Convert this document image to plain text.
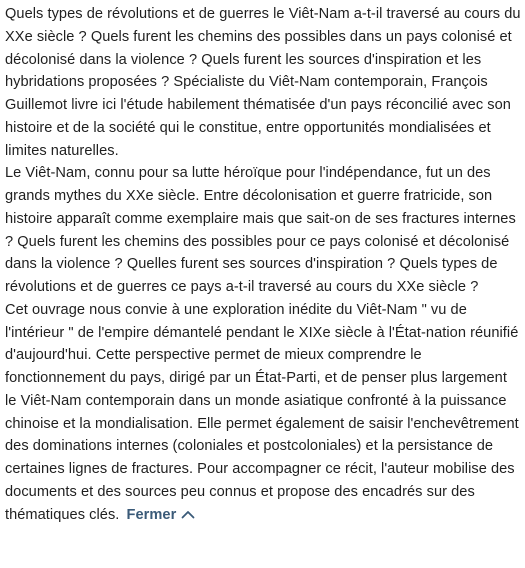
Quels types de révolutions et de guerres le Viêt-Nam a-t-il traversé au cours du XXe siècle ? Quels furent les chemins des possibles dans un pays colonisé et décolonisé dans la violence ? Quels furent les sources d'inspiration et les hybridations proposées ? Spécialiste du Viêt-Nam contemporain, François Guillemot livre ici l'étude habilement thématisée d'un pays réconcilié avec son histoire et de la société qui le constitue, entre opportunités mondialisées et limites naturelles.

Le Viêt-Nam, connu pour sa lutte héroïque pour l'indépendance, fut un des grands mythes du XXe siècle. Entre décolonisation et guerre fratricide, son histoire apparaît comme exemplaire mais que sait-on de ses fractures internes ? Quels furent les chemins des possibles pour ce pays colonisé et décolonisé dans la violence ? Quelles furent ses sources d'inspiration ? Quels types de révolutions et de guerres ce pays a-t-il traversé au cours du XXe siècle ?

Cet ouvrage nous convie à une exploration inédite du Viêt-Nam " vu de l'intérieur " de l'empire démantelé pendant le XIXe siècle à l'État-nation réunifié d'aujourd'hui. Cette perspective permet de mieux comprendre le fonctionnement du pays, dirigé par un État-Parti, et de penser plus largement le Viêt-Nam contemporain dans un monde asiatique confronté à la puissance chinoise et la mondialisation. Elle permet également de saisir l'enchevêtrement des dominations internes (coloniales et postcoloniales) et la persistance de certaines lignes de fractures. Pour accompagner ce récit, l'auteur mobilise des documents et des sources peu connus et propose des encadrés sur des thématiques clés. Fermer
